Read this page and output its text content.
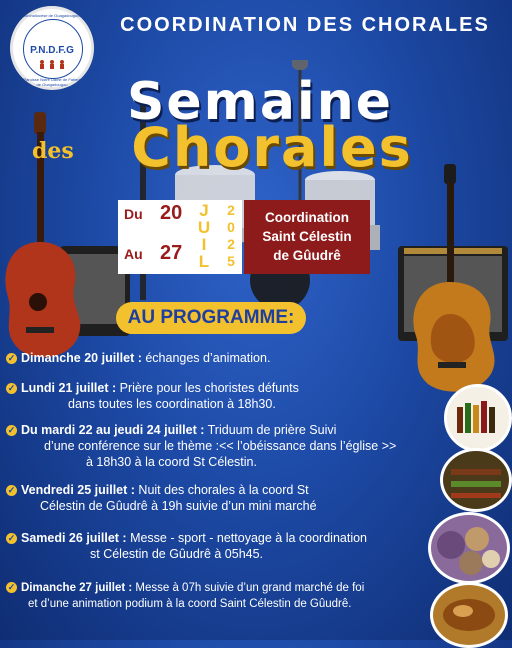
Archidiocèse de Ouagadougou
P.N.D.F.G
Paroisse Notre Dame de Fatima de Ouagadougou
COORDINATION DES CHORALES
Semaine
des	Chorales
Du 20
Au 27
J
U
I
L
2
0
2
5
Coordination
Saint Célestin
de Gûudrê
AU PROGRAMME:
✓ Dimanche 20 juillet : échanges d’animation.
✓ Lundi 21 juillet : Prière pour les choristes défunts
dans toutes les coordination à 18h30.
✓ Du mardi 22 au jeudi 24 juillet : Triduum de prière Suivi
d’une conférence sur le thème :<< l’obéissance dans l’église >>
à 18h30 à la coord St Célestin.
✓ Vendredi 25 juillet : Nuit des chorales à la coord St
Célestin de Gûudrê à 19h suivie d’un mini marché
✓ Samedi 26 juillet : Messe - sport - nettoyage à la coordination
st Célestin de Gûudrê à 05h45.
✓ Dimanche 27 juillet : Messe à 07h suivie d’un grand marché de foi
et d’une animation podium à la coord Saint Célestin de Gûudrê.
